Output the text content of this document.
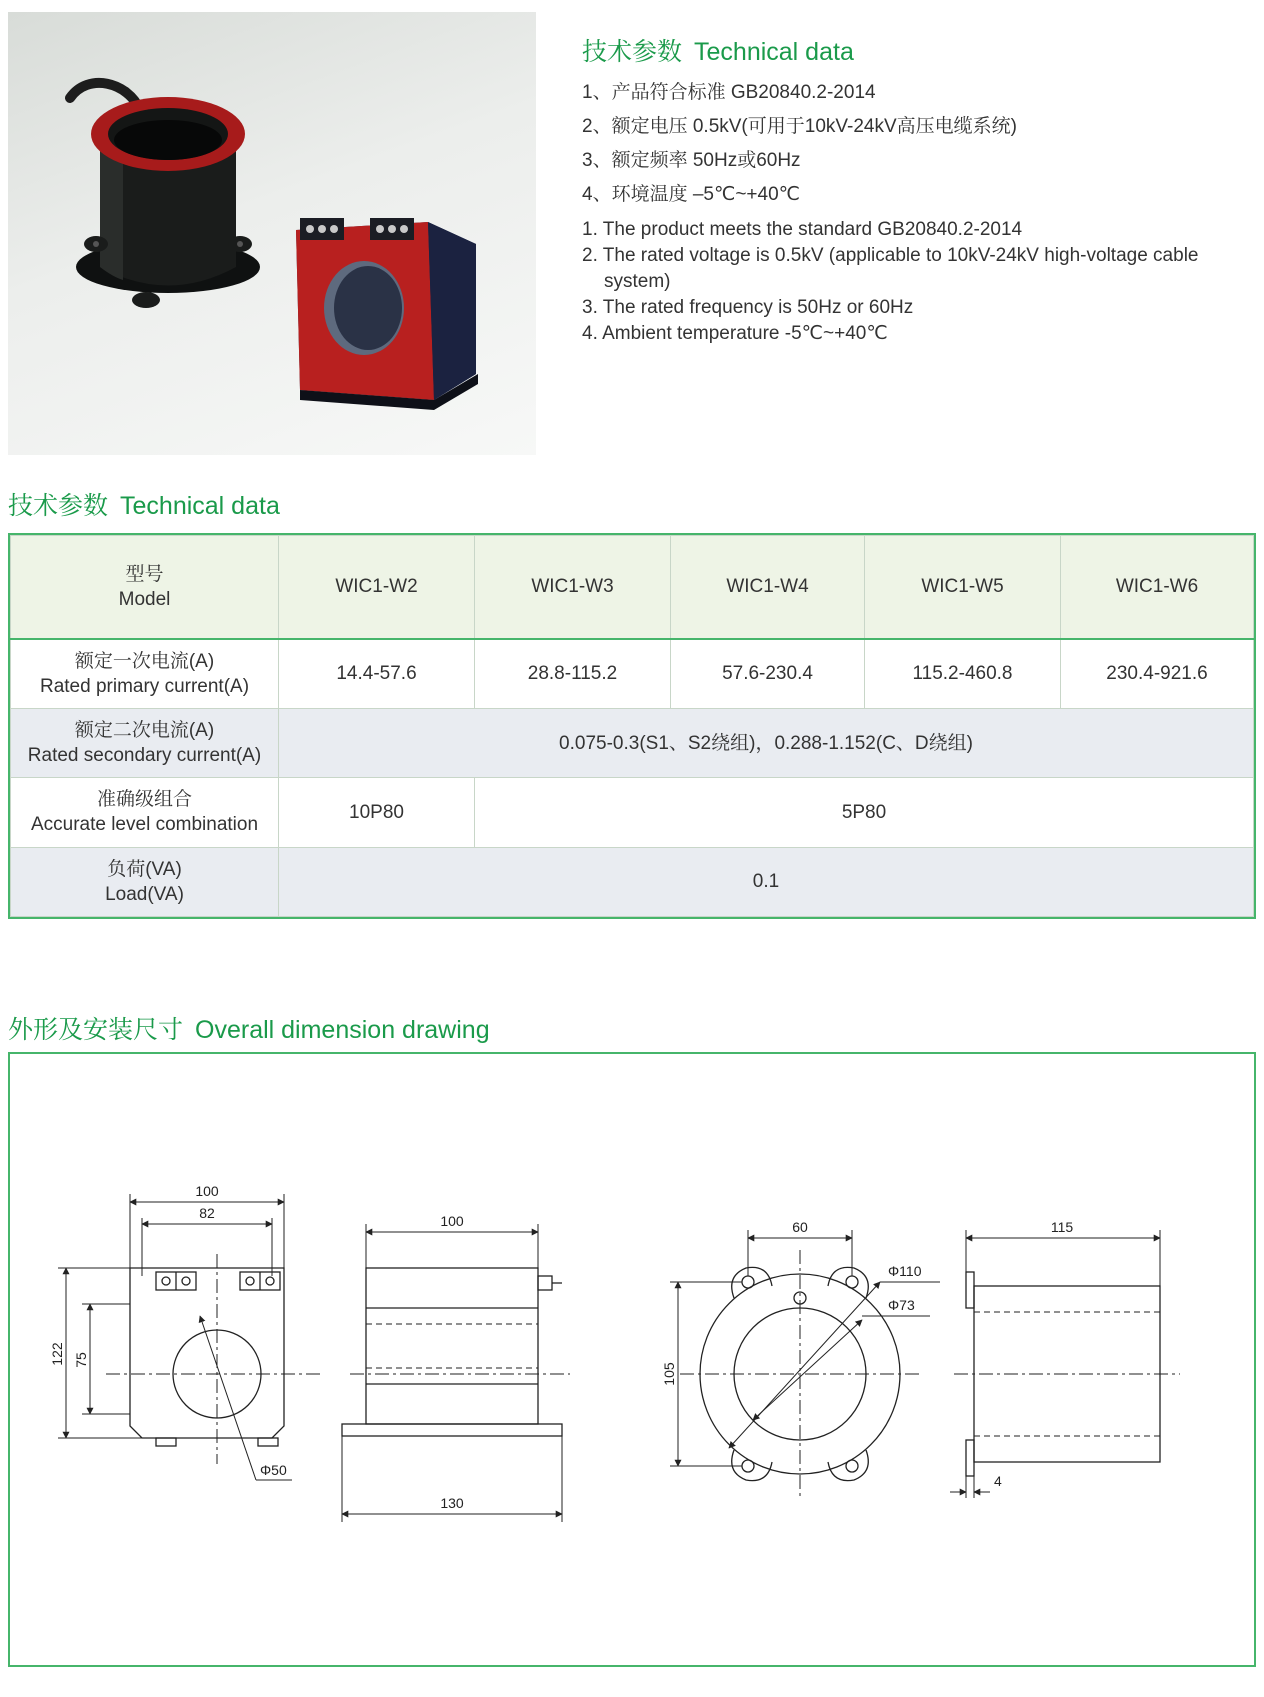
技术参数 Technical data
1、产品符合标准 GB20840.2-2014
2、额定电压 0.5kV(可用于10kV-24kV高压电缆系统)
3、额定频率 50Hz或60Hz
4、环境温度 –5℃~+40℃
1. The product meets the standard GB20840.2-2014
2. The rated voltage is 0.5kV (applicable to 10kV-24kV high-voltage cable system)
3. The rated frequency is 50Hz or 60Hz
4. Ambient temperature -5℃~+40℃
技术参数 Technical data
型号
Model	WIC1-W2	WIC1-W3	WIC1-W4	WIC1-W5	WIC1-W6

额定一次电流(A)
Rated primary current(A)	14.4-57.6	28.8-115.2	57.6-230.4	115.2-460.8	230.4-921.6

额定二次电流(A)
Rated secondary current(A)	0.075-0.3(S1、S2绕组)，0.288-1.152(C、D绕组)				

准确级组合
Accurate level combination	10P80	5P80			

负荷(VA)
Load(VA)	0.1				
外形及安装尺寸 Overall dimension drawing
100
82
122 75
Φ50
100
130
60
Φ110
Φ73
105
115
4
